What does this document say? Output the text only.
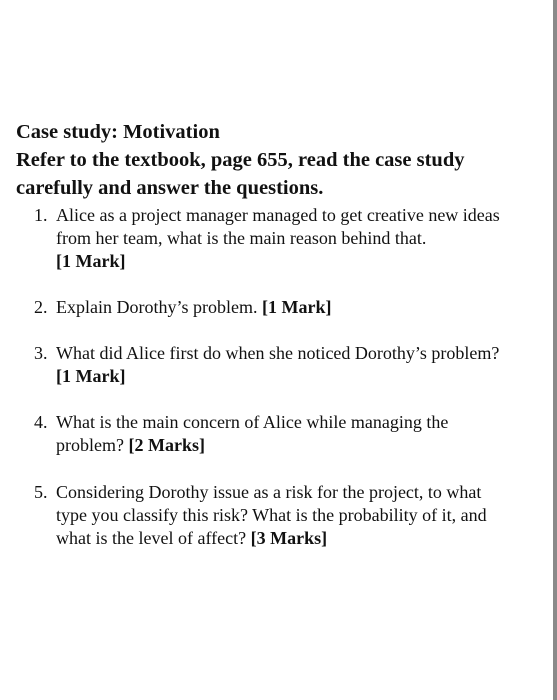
Case study: Motivation

Refer to the textbook, page 655, read the case study carefully and answer the questions.

1. Alice as a project manager managed to get creative new ideas from her team, what is the main reason behind that.
[1 Mark]
2. Explain Dorothy’s problem. [1 Mark]
3. What did Alice first do when she noticed Dorothy’s problem? [1 Mark]
4. What is the main concern of Alice while managing the problem? [2 Marks]
5. Considering Dorothy issue as a risk for the project, to what type you classify this risk? What is the probability of it, and what is the level of affect? [3 Marks]
